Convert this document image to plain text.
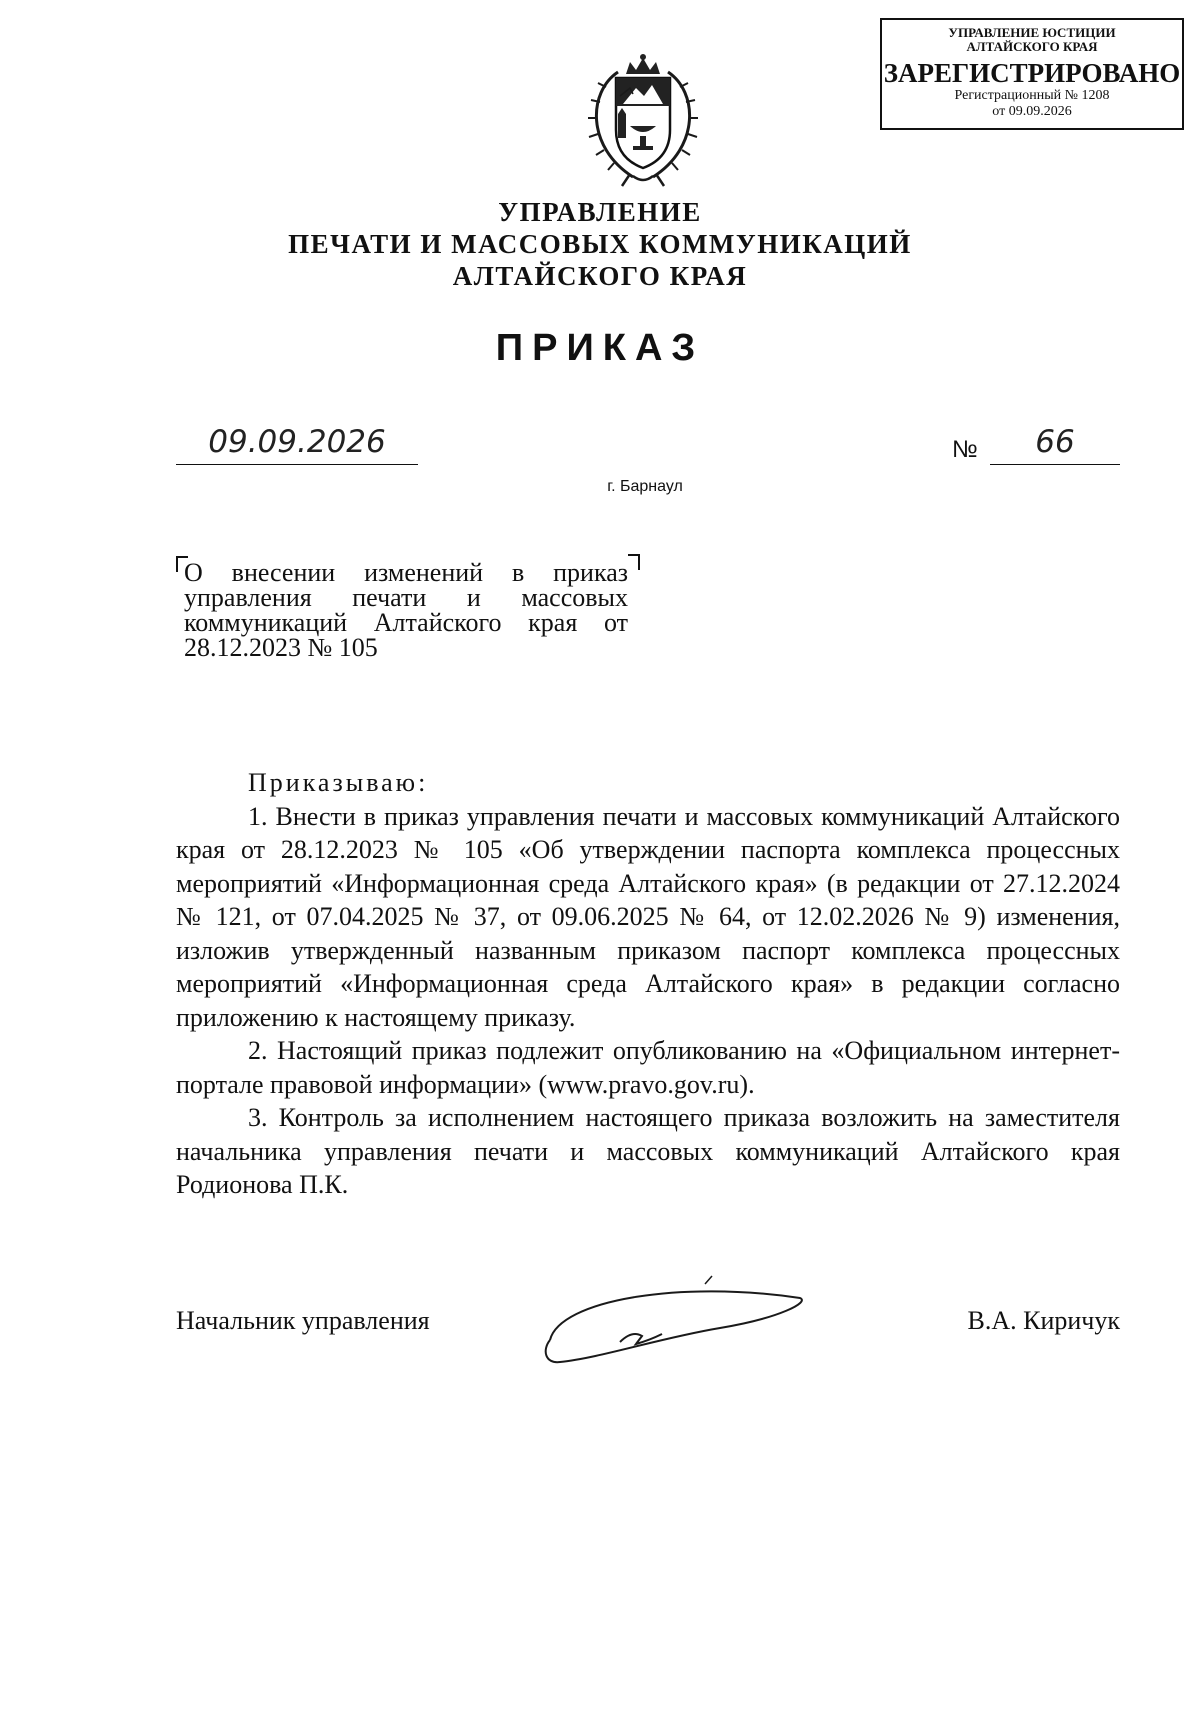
УПРАВЛЕНИЕ ЮСТИЦИИ
АЛТАЙСКОГО КРАЯ
ЗАРЕГИСТРИРОВАНО
Регистрационный № 1208
от 09.09.2026
УПРАВЛЕНИЕ
ПЕЧАТИ И МАССОВЫХ КОММУНИКАЦИЙ
АЛТАЙСКОГО КРАЯ
ПРИКАЗ
09.09.2026	№	66
г. Барнаул
О внесении изменений в приказ управления печати и массовых коммуникаций Алтайского края от 28.12.2023 № 105
Приказываю:

1. Внести в приказ управления печати и массовых коммуникаций Алтайского края от 28.12.2023 № 105 «Об утверждении паспорта комплекса процессных мероприятий «Информационная среда Алтайского края» (в редакции от 27.12.2024 № 121, от 07.04.2025 № 37, от 09.06.2025 № 64, от 12.02.2026 № 9) изменения, изложив утвержденный названным приказом паспорт комплекса процессных мероприятий «Информационная среда Алтайского края» в редакции согласно приложению к настоящему приказу.

2. Настоящий приказ подлежит опубликованию на «Официальном интернет-портале правовой информации» (www.pravo.gov.ru).

3. Контроль за исполнением настоящего приказа возложить на заместителя начальника управления печати и массовых коммуникаций Алтайского края Родионова П.К.

Начальник управления	В.А. Киричук
